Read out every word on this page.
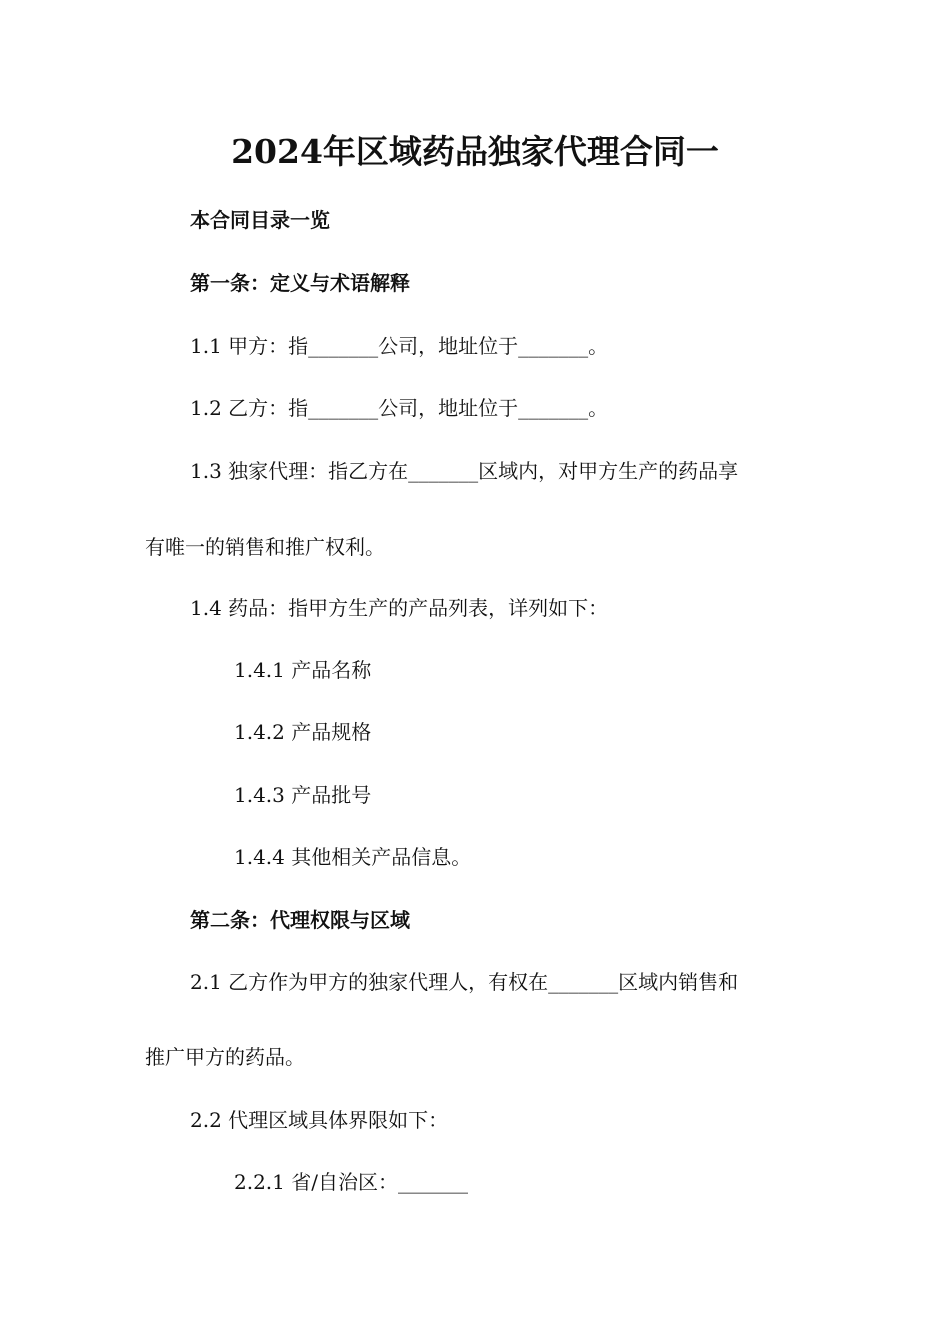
2024年区域药品独家代理合同一
本合同目录一览
第一条：定义与术语解释
1.1 甲方：指_______公司，地址位于_______。
1.2 乙方：指_______公司，地址位于_______。
1.3 独家代理：指乙方在_______区域内，对甲方生产的药品享
有唯一的销售和推广权利。
1.4 药品：指甲方生产的产品列表，详列如下：
1.4.1 产品名称
1.4.2 产品规格
1.4.3 产品批号
1.4.4 其他相关产品信息。
第二条：代理权限与区域
2.1 乙方作为甲方的独家代理人，有权在_______区域内销售和
推广甲方的药品。
2.2 代理区域具体界限如下：
2.2.1 省/自治区：_______
